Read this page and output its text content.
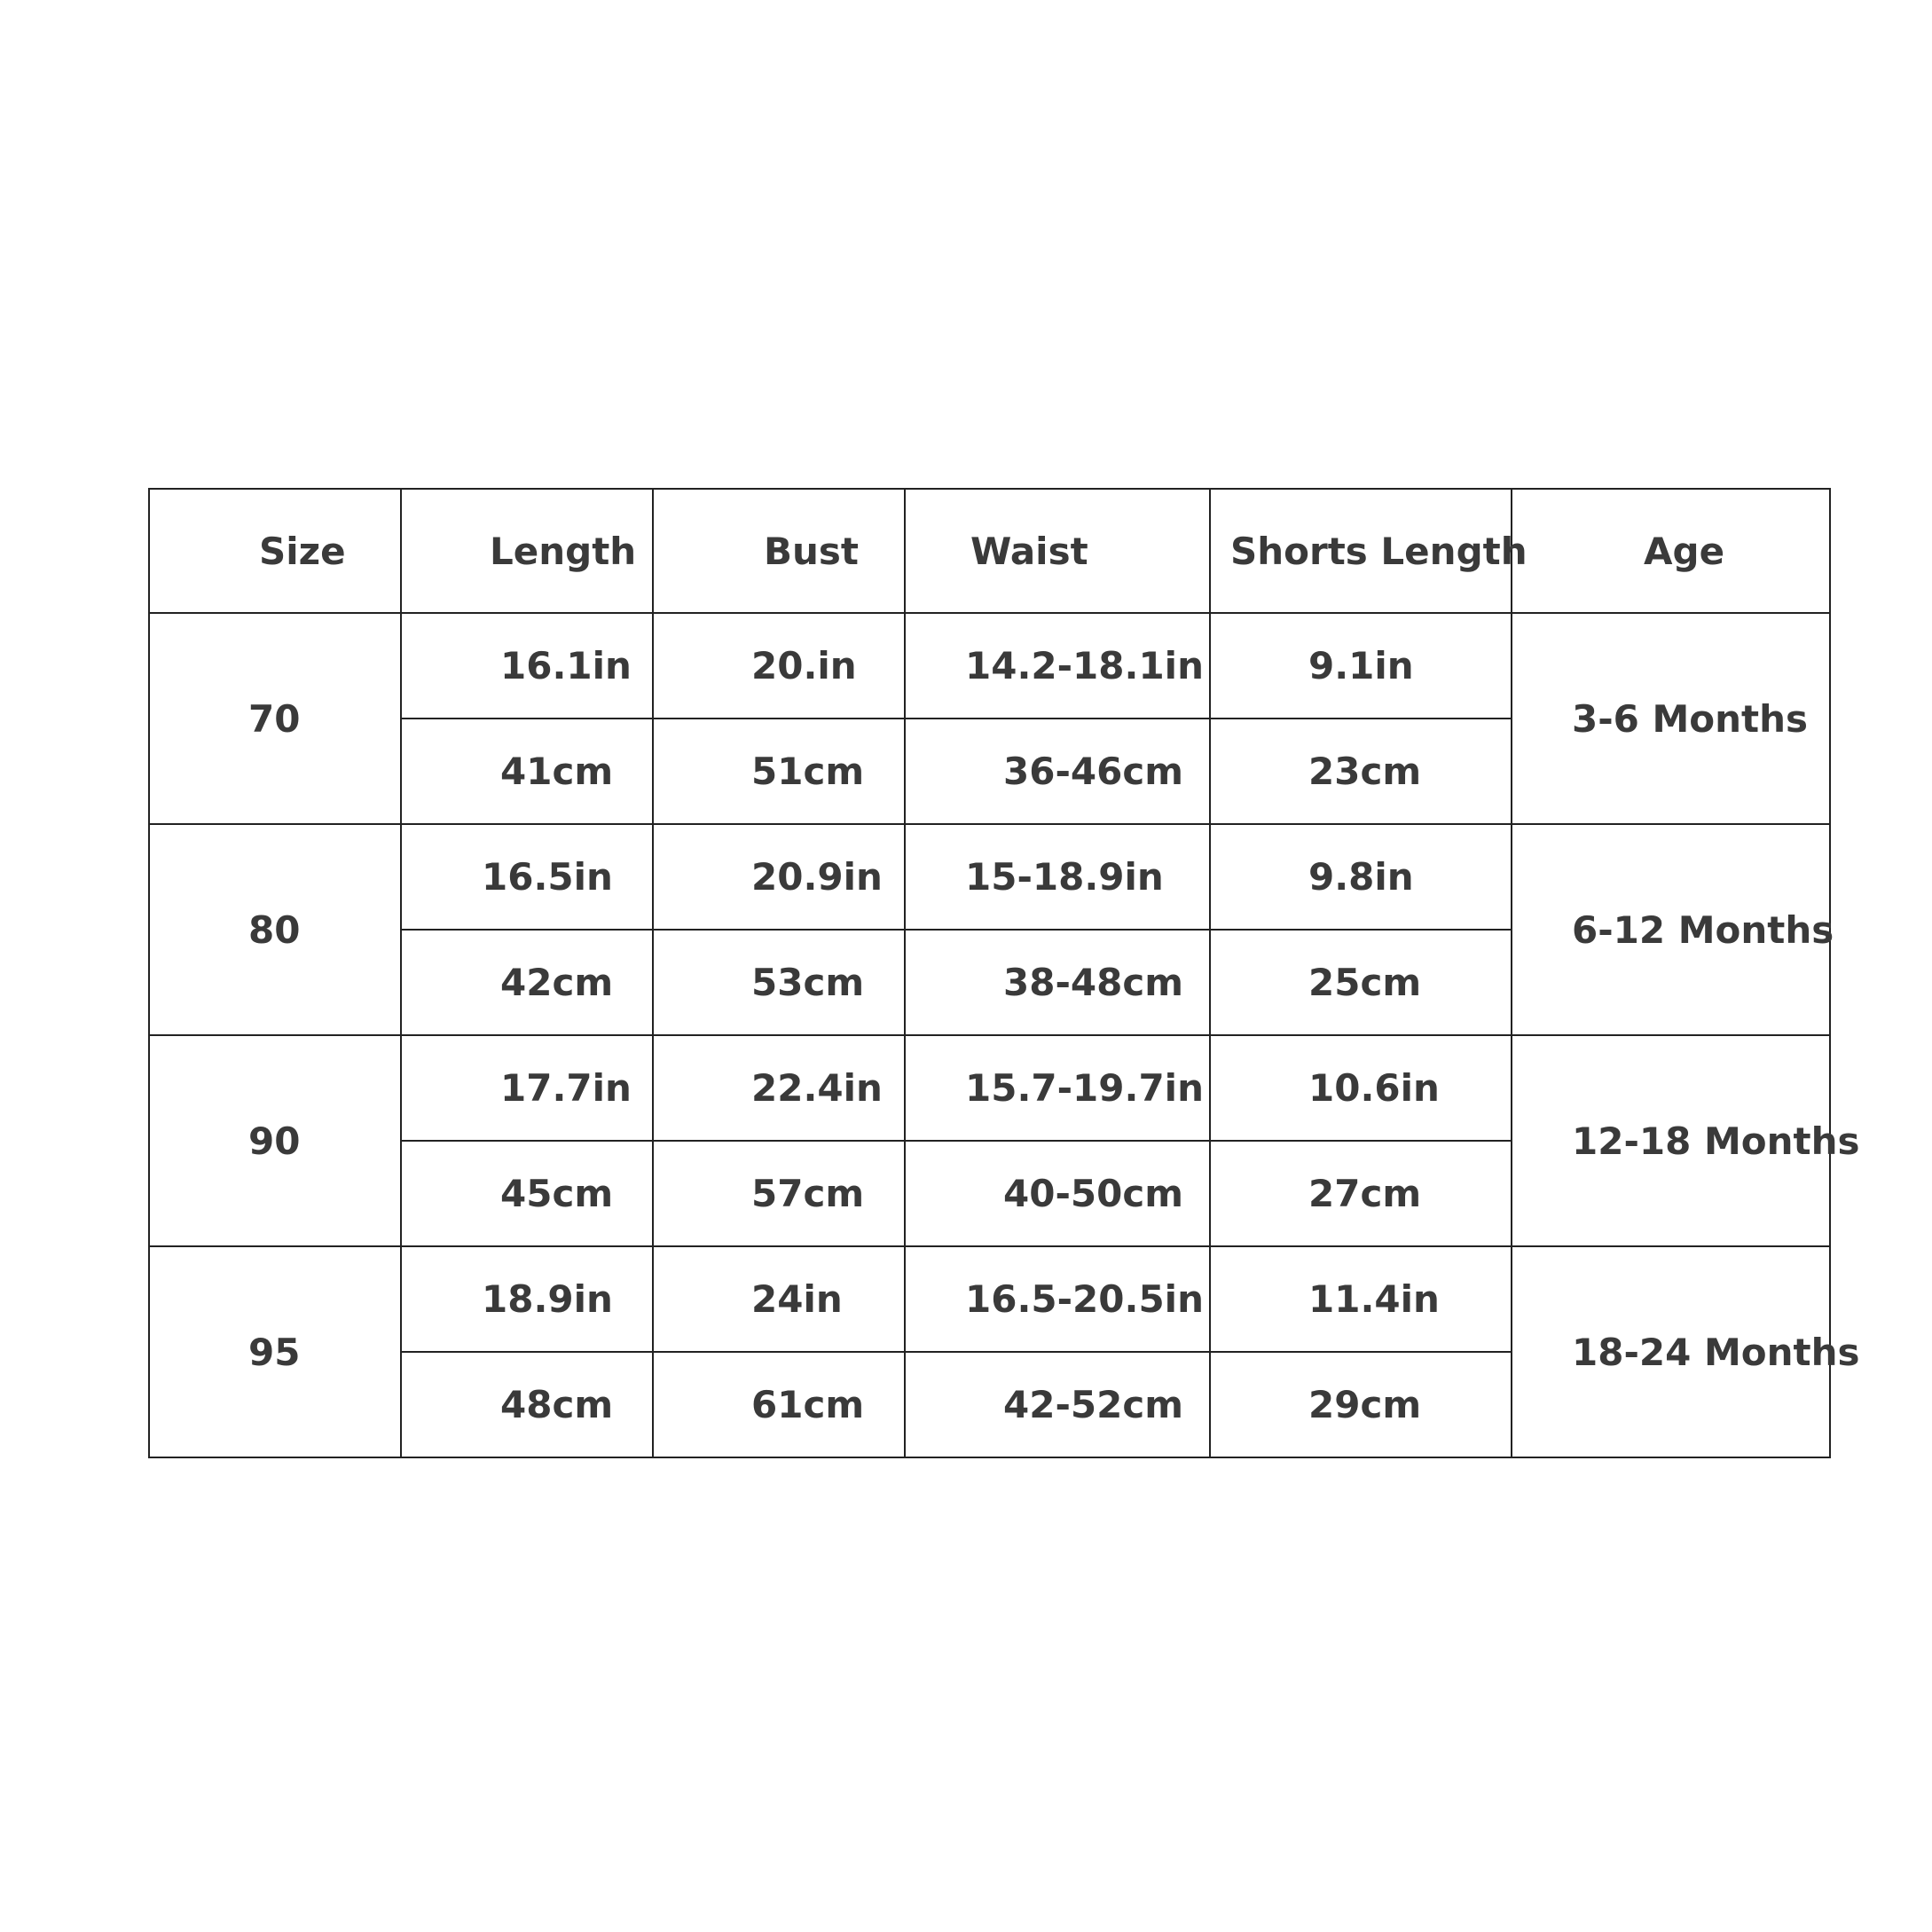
Size	Length	Bust	Waist	Shorts Length	Age
70	16.1in	20.in	14.2-18.1in	9.1in	3-6 Months
	41cm	51cm	36-46cm	23cm	
80	16.5in	20.9in	15-18.9in	9.8in	6-12 Months
	42cm	53cm	38-48cm	25cm	
90	17.7in	22.4in	15.7-19.7in	10.6in	12-18 Months
	45cm	57cm	40-50cm	27cm	
95	18.9in	24in	16.5-20.5in	11.4in	18-24 Months
	48cm	61cm	42-52cm	29cm	
